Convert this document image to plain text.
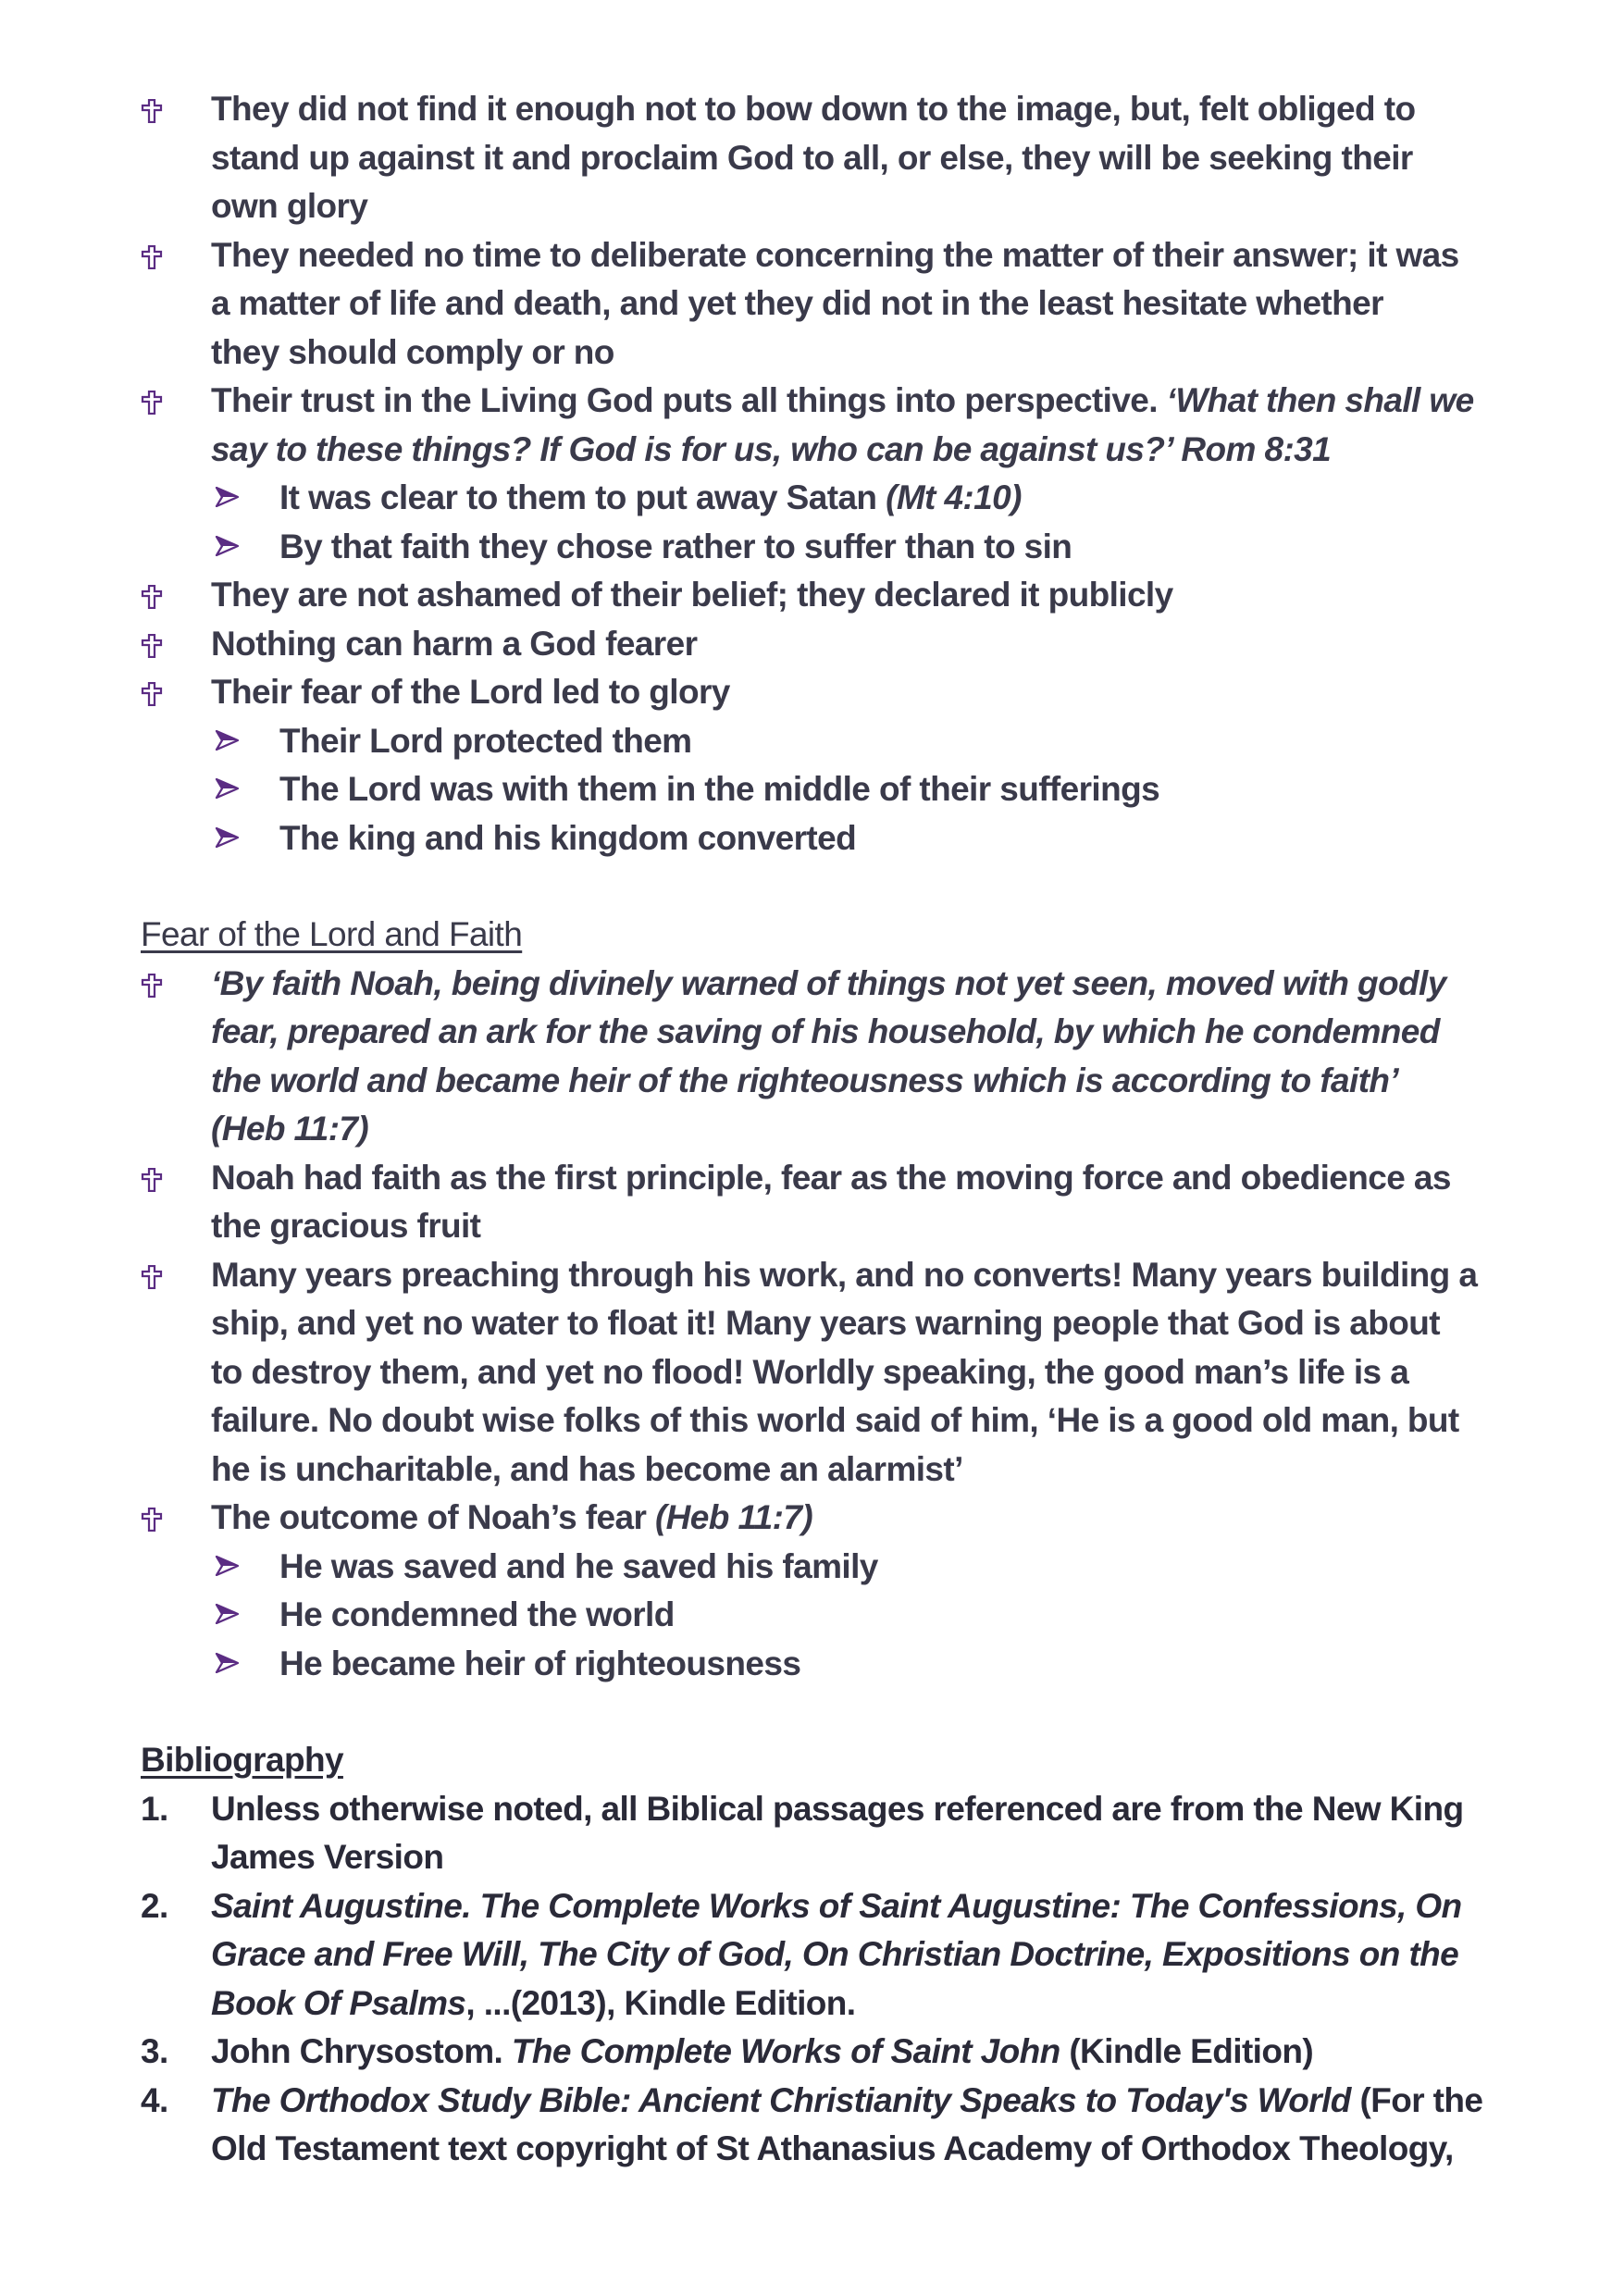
They did not find it enough not to bow down to the image, but, felt obliged to
stand up against it and proclaim God to all, or else, they will be seeking their
own glory
They needed no time to deliberate concerning the matter of their answer; it was
a matter of life and death, and yet they did not in the least hesitate whether
they should comply or no
Their trust in the Living God puts all things into perspective. ‘What then shall we
say to these things? If God is for us, who can be against us?’ Rom 8:31
It was clear to them to put away Satan (Mt 4:10)
By that faith they chose rather to suffer than to sin
They are not ashamed of their belief; they declared it publicly
Nothing can harm a God fearer
Their fear of the Lord led to glory
Their Lord protected them
The Lord was with them in the middle of their sufferings
The king and his kingdom converted
Fear of the Lord and Faith
‘By faith Noah, being divinely warned of things not yet seen, moved with godly
fear, prepared an ark for the saving of his household, by which he condemned
the world and became heir of the righteousness which is according to faith’
(Heb 11:7)
Noah had faith as the first principle, fear as the moving force and obedience as
the gracious fruit
Many years preaching through his work, and no converts! Many years building a
ship, and yet no water to float it! Many years warning people that God is about
to destroy them, and yet no flood! Worldly speaking, the good man’s life is a
failure. No doubt wise folks of this world said of him, ‘He is a good old man, but
he is uncharitable, and has become an alarmist’
The outcome of Noah’s fear (Heb 11:7)
He was saved and he saved his family
He condemned the world
He became heir of righteousness
Bibliography
1. Unless otherwise noted, all Biblical passages referenced are from the New King
James Version
2. Saint Augustine. The Complete Works of Saint Augustine: The Confessions, On
Grace and Free Will, The City of God, On Christian Doctrine, Expositions on the
Book Of Psalms, ...(2013), Kindle Edition.
3. John Chrysostom. The Complete Works of Saint John (Kindle Edition)
4. The Orthodox Study Bible: Ancient Christianity Speaks to Today's World (For the
Old Testament text copyright of St Athanasius Academy of Orthodox Theology,
